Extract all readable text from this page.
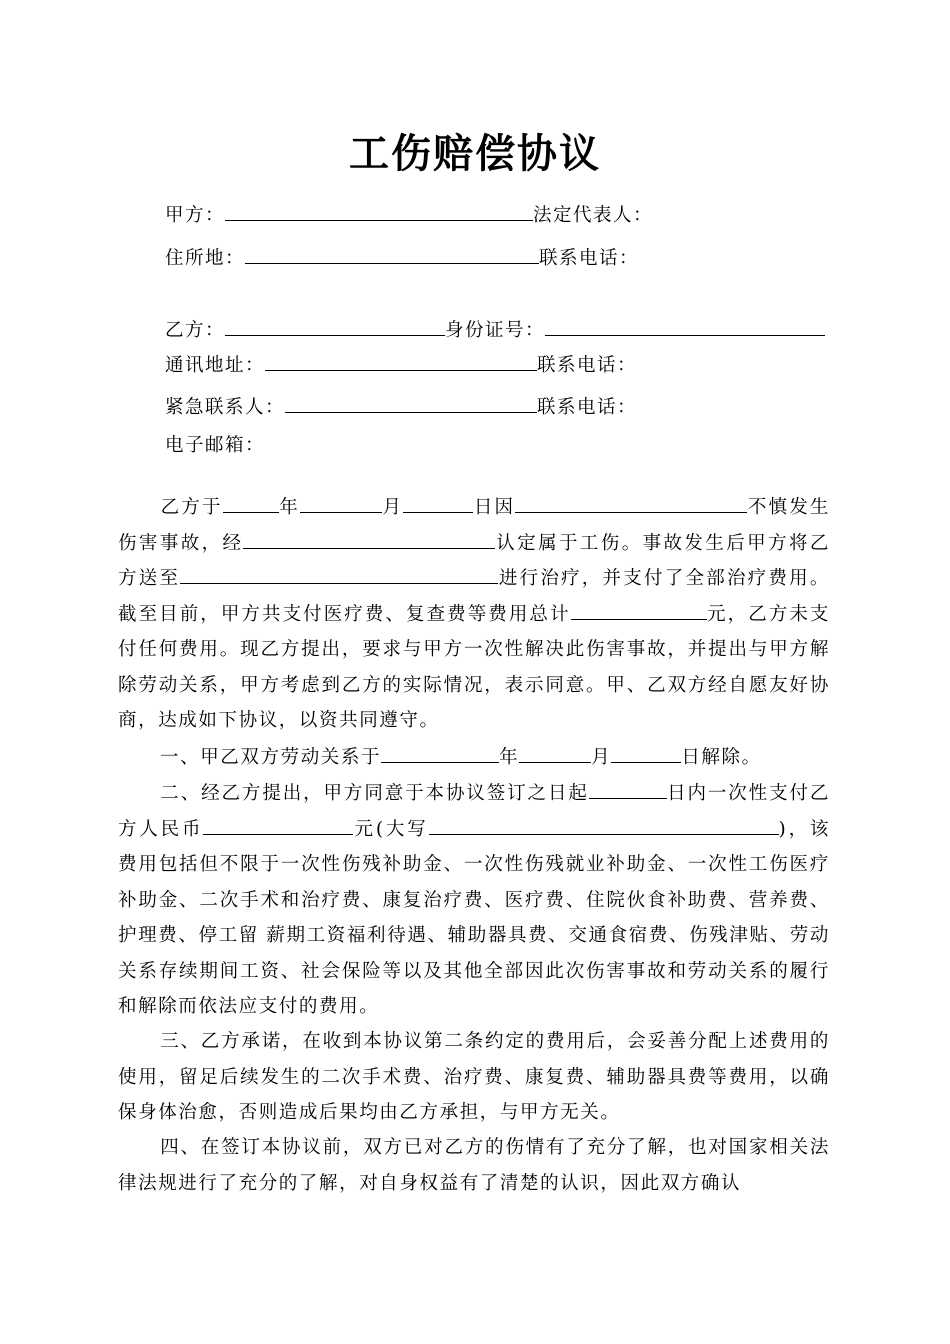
工伤赔偿协议
甲方：	法定代表人：
住所地：	联系电话：
乙方：	身份证号：
通讯地址：	联系电话：
紧急联系人：	联系电话：
电子邮箱：
乙方于	年	月	日因	不慎发生伤害事故，经	认定属于工伤。事故发生后甲方将乙方送至	进行治疗，并支付了全部治疗费用。截至目前，甲方共支付医疗费、复查费等费用总计	元，乙方未支付任何费用。现乙方提出，要求与甲方一次性解决此伤害事故，并提出与甲方解除劳动关系，甲方考虑到乙方的实际情况，表示同意。甲、乙双方经自愿友好协商，达成如下协议，以资共同遵守。
一、甲乙双方劳动关系于	年	月	日解除。
二、经乙方提出，甲方同意于本协议签订之日起	日内一次性支付乙方人民币	元(大写	)，该费用包括但不限于一次性伤残补助金、一次性伤残就业补助金、一次性工伤医疗补助金、二次手术和治疗费、康复治疗费、医疗费、住院伙食补助费、营养费、护理费、停工留 薪期工资福利待遇、辅助器具费、交通食宿费、伤残津贴、劳动关系存续期间工资、社会保险等以及其他全部因此次伤害事故和劳动关系的履行和解除而依法应支付的费用。
三、乙方承诺，在收到本协议第二条约定的费用后，会妥善分配上述费用的使用，留足后续发生的二次手术费、治疗费、康复费、辅助器具费等费用，以确保身体治愈，否则造成后果均由乙方承担，与甲方无关。
四、在签订本协议前，双方已对乙方的伤情有了充分了解，也对国家相关法律法规进行了充分的了解，对自身权益有了清楚的认识，因此双方确认
